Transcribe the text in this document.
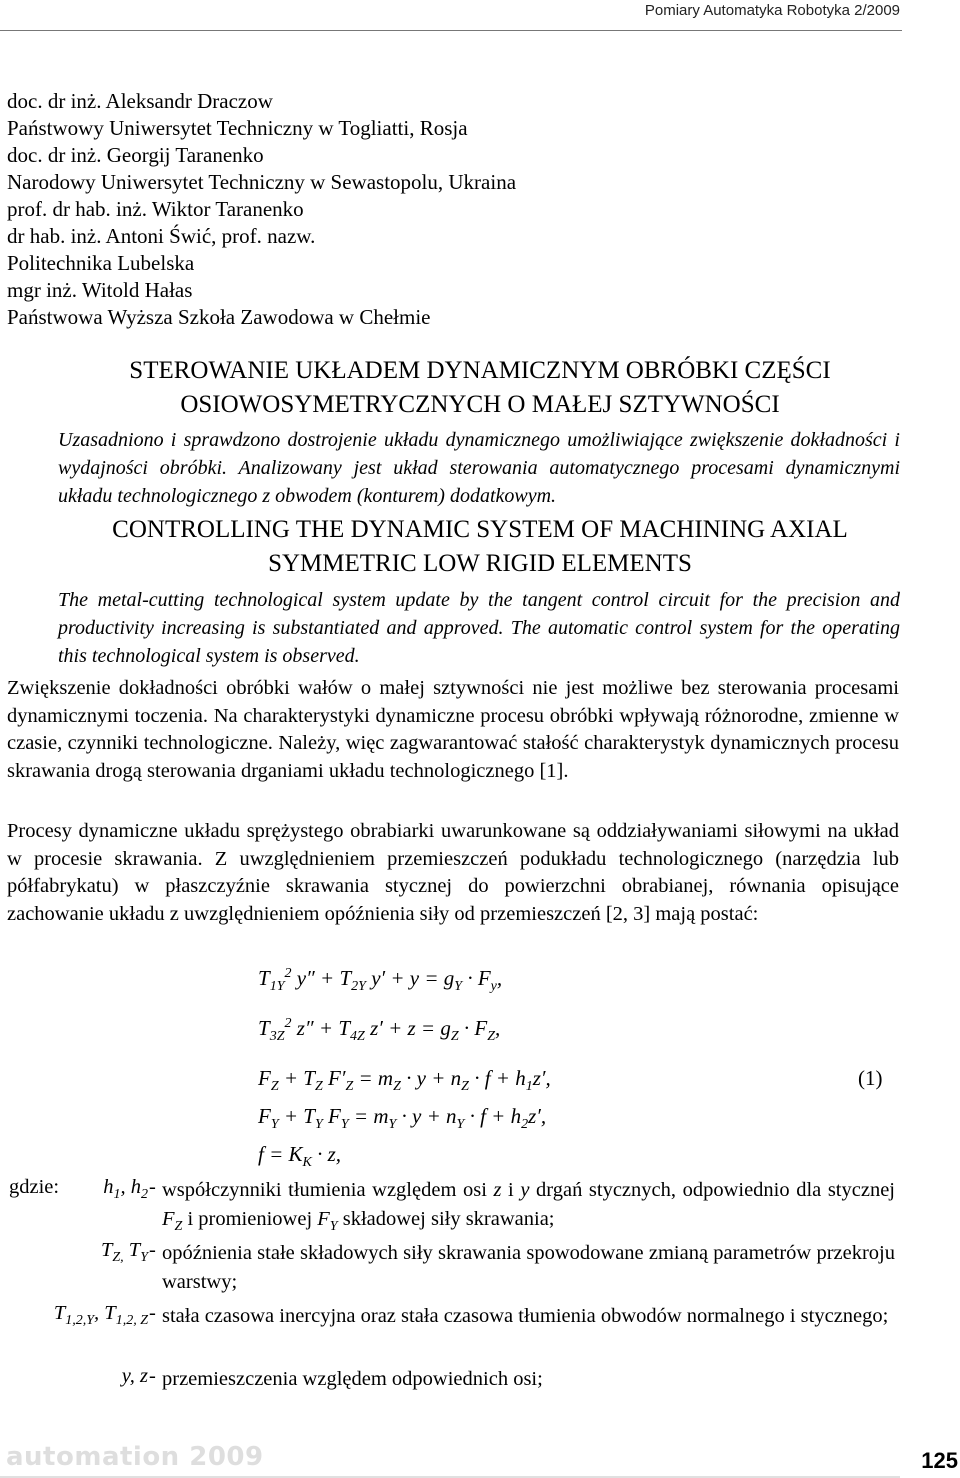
Pomiary Automatyka Robotyka 2/2009
doc. dr inż. Aleksandr Draczow
Państwowy Uniwersytet Techniczny w Togliatti, Rosja
doc. dr inż. Georgij Taranenko
Narodowy Uniwersytet Techniczny w Sewastopolu, Ukraina
prof. dr hab. inż. Wiktor Taranenko
dr hab. inż. Antoni Świć, prof. nazw.
Politechnika Lubelska
mgr inż. Witold Hałas
Państwowa Wyższa Szkoła Zawodowa w Chełmie
STEROWANIE UKŁADEM DYNAMICZNYM OBRÓBKI CZĘŚCI
OSIOWOSYMETRYCZNYCH O MAŁEJ SZTYWNOŚCI

Uzasadniono i sprawdzono dostrojenie układu dynamicznego umożliwiające zwiększenie dokładności i wydajności obróbki. Analizowany jest układ sterowania automatycznego procesami dynamicznymi układu technologicznego z obwodem (konturem) dodatkowym.

CONTROLLING THE DYNAMIC SYSTEM OF MACHINING AXIAL
SYMMETRIC LOW RIGID ELEMENTS

The metal-cutting technological system update by the tangent control circuit for the precision and productivity increasing is substantiated and approved. The automatic control system for the operating this technological system is observed.

Zwiększenie dokładności obróbki wałów o małej sztywności nie jest możliwe bez sterowania procesami dynamicznymi toczenia. Na charakterystyki dynamiczne procesu obróbki wpływają różnorodne, zmienne w czasie, czynniki technologiczne. Należy, więc zagwarantować stałość charakterystyk dynamicznych procesu skrawania drogą sterowania drganiami układu technologicznego [1].

Procesy dynamiczne układu sprężystego obrabiarki uwarunkowane są oddziaływaniami siłowymi na układ w procesie skrawania. Z uwzględnieniem przemieszczeń podukładu technologicznego (narzędzia lub półfabrykatu) w płaszczyźnie skrawania stycznej do powierzchni obrabianej, równania opisujące zachowanie układu z uwzględnieniem opóźnienia siły od przemieszczeń [2, 3] mają postać:

$T_{1Y}^2$ $y'' + T_{2Y}$ $y' + y = g_Y \cdot F_y$,
$T_{3Z}^2$ $z'' + T_{4Z}$ $z' + z = g_Z \cdot F_Z$,
$F_Z + T_Z$ $F'_Z = m_Z \cdot y + n_Z \cdot f + h_1z'$,
$F_Y + T_Y$ $F_Y = m_Y \cdot y + n_Y \cdot f + h_2z'$,
$f = K_K \cdot z$,
(1)
gdzie: $h_1$, $h_2$ - współczynniki tłumienia względem osi z i y drgań stycznych, odpowiednio dla stycznej $F_Z$ i promieniowej $F_Y$ składowej siły skrawania;
$T_{Z,}$ $T_Y$ - opóźnienia stałe składowych siły skrawania spowodowane zmianą parametrów przekroju warstwy;
$T_{1,2,Y}$, $T_{1,2, Z}$ - stała czasowa inercyjna oraz stała czasowa tłumienia obwodów normalnego i stycznego;
y, z - przemieszczenia względem odpowiednich osi;
automation 2009	125
